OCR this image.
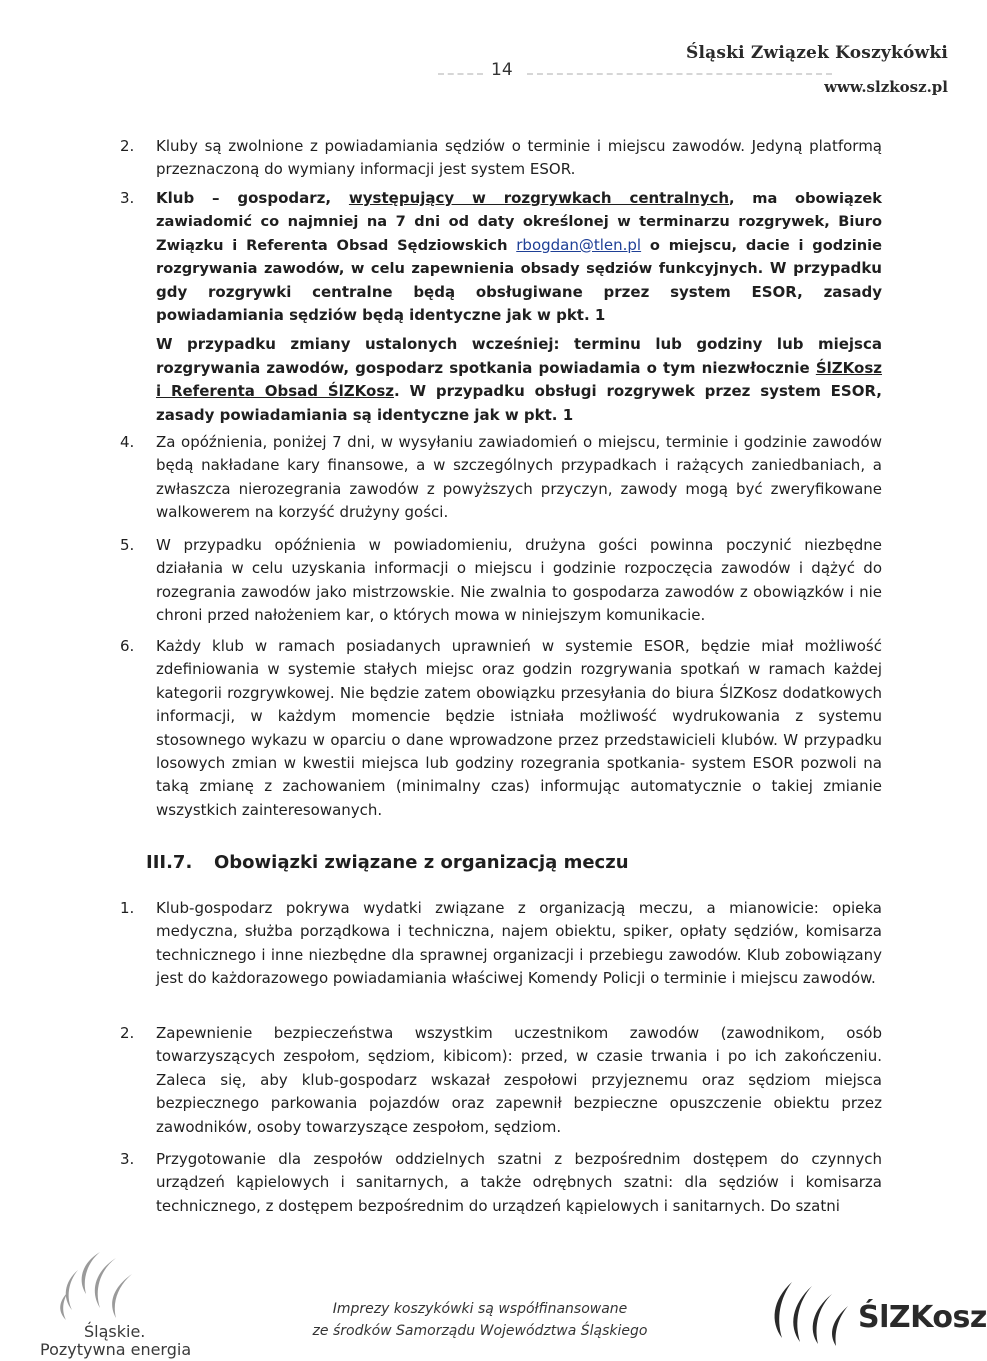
14
Śląski Związek Koszykówki
www.slzkosz.pl
2. Kluby są zwolnione z powiadamiania sędziów o terminie i miejscu zawodów. Jedyną platformą przeznaczoną do wymiany informacji jest system ESOR.
3. Klub – gospodarz, występujący w rozgrywkach centralnych, ma obowiązek zawiadomić co najmniej na 7 dni od daty określonej w terminarzu rozgrywek, Biuro Związku i Referenta Obsad Sędziowskich rbogdan@tlen.pl o miejscu, dacie i godzinie rozgrywania zawodów, w celu zapewnienia obsady sędziów funkcyjnych. W przypadku gdy rozgrywki centralne będą obsługiwane przez system ESOR, zasady powiadamiania sędziów będą identyczne jak w pkt. 1

W przypadku zmiany ustalonych wcześniej: terminu lub godziny lub miejsca rozgrywania zawodów, gospodarz spotkania powiadamia o tym niezwłocznie ŚlZKosz i Referenta Obsad ŚlZKosz. W przypadku obsługi rozgrywek przez system ESOR, zasady powiadamiania są identyczne jak w pkt. 1

4. Za opóźnienia, poniżej 7 dni, w wysyłaniu zawiadomień o miejscu, terminie i godzinie zawodów będą nakładane kary finansowe, a w szczególnych przypadkach i rażących zaniedbaniach, a zwłaszcza nierozegrania zawodów z powyższych przyczyn, zawody mogą być zweryfikowane walkowerem na korzyść drużyny gości.
5. W przypadku opóźnienia w powiadomieniu, drużyna gości powinna poczynić niezbędne działania w celu uzyskania informacji o miejscu i godzinie rozpoczęcia zawodów i dążyć do rozegrania zawodów jako mistrzowskie. Nie zwalnia to gospodarza zawodów z obowiązków i nie chroni przed nałożeniem kar, o których mowa w niniejszym komunikacie.
6. Każdy klub w ramach posiadanych uprawnień w systemie ESOR, będzie miał możliwość zdefiniowania w systemie stałych miejsc oraz godzin rozgrywania spotkań w ramach każdej kategorii rozgrywkowej. Nie będzie zatem obowiązku przesyłania do biura ŚlZKosz dodatkowych informacji, w każdym momencie będzie istniała możliwość wydrukowania z systemu stosownego wykazu w oparciu o dane wprowadzone przez przedstawicieli klubów. W przypadku losowych zmian w kwestii miejsca lub godziny rozegrania spotkania- system ESOR pozwoli na taką zmianę z zachowaniem (minimalny czas) informując automatycznie o takiej zmianie wszystkich zainteresowanych.
III.7. Obowiązki związane z organizacją meczu
1. Klub-gospodarz pokrywa wydatki związane z organizacją meczu, a mianowicie: opieka medyczna, służba porządkowa i techniczna, najem obiektu, spiker, opłaty sędziów, komisarza technicznego i inne niezbędne dla sprawnej organizacji i przebiegu zawodów. Klub zobowiązany jest do każdorazowego powiadamiania właściwej Komendy Policji o terminie i miejscu zawodów.
2. Zapewnienie bezpieczeństwa wszystkim uczestnikom zawodów (zawodnikom, osób towarzyszących zespołom, sędziom, kibicom): przed, w czasie trwania i po ich zakończeniu. Zaleca się, aby klub-gospodarz wskazał zespołowi przyjeznemu oraz sędziom miejsca bezpiecznego parkowania pojazdów oraz zapewnił bezpieczne opuszczenie obiektu przez zawodników, osoby towarzyszące zespołom, sędziom.
3. Przygotowanie dla zespołów oddzielnych szatni z bezpośrednim dostępem do czynnych urządzeń kąpielowych i sanitarnych, a także odrębnych szatni: dla sędziów i komisarza technicznego, z dostępem bezpośrednim do urządzeń kąpielowych i sanitarnych. Do szatni
Śląskie.
Pozytywna energia
Imprezy koszykówki są współfinansowane
ze środków Samorządu Województwa Śląskiego	ŚlZKosz
